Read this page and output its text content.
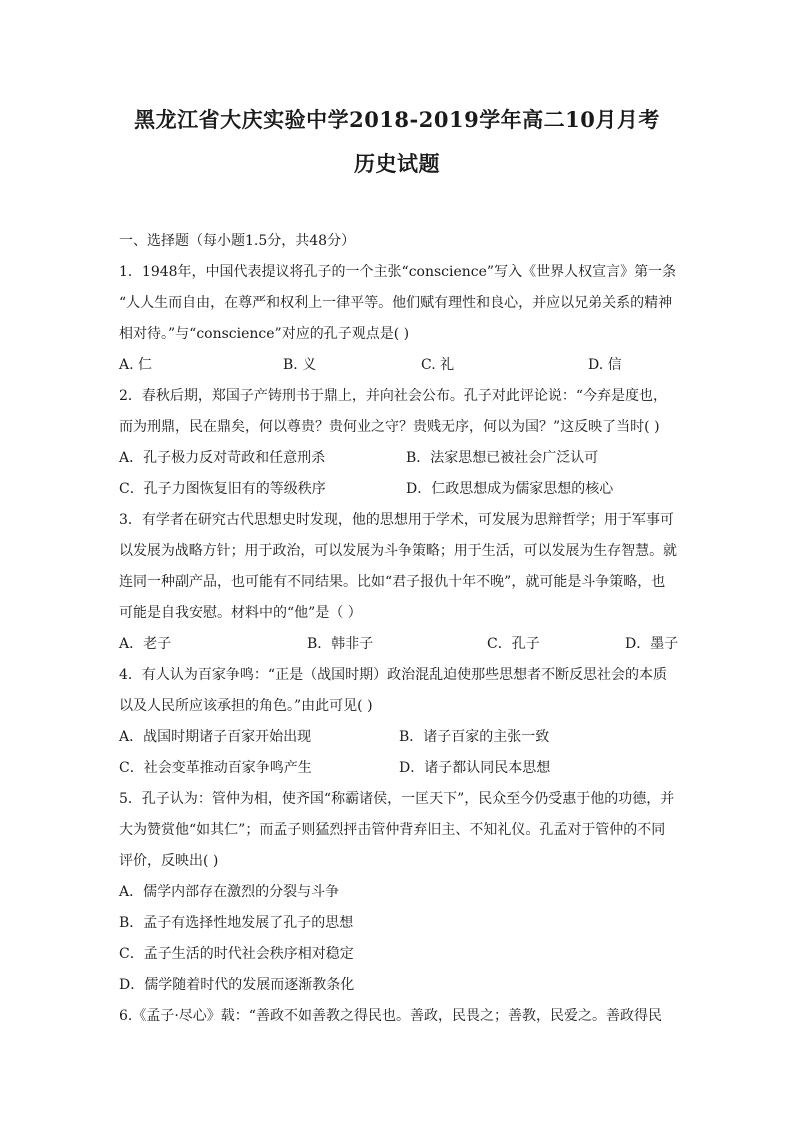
黑龙江省大庆实验中学2018-2019学年高二10月月考
历史试题
一、选择题（每小题1.5分，共48分）
1．1948年，中国代表提议将孔子的一个主张“conscience”写入《世界人权宣言》第一条
“人人生而自由，在尊严和权利上一律平等。他们赋有理性和良心，并应以兄弟关系的精神
相对待。”与“conscience”对应的孔子观点是( )
A. 仁	B. 义	C. 礼	D. 信
2．春秋后期，郑国子产铸刑书于鼎上，并向社会公布。孔子对此评论说：“今弃是度也，
而为刑鼎，民在鼎矣，何以尊贵？贵何业之守？贵贱无序，何以为国？”这反映了当时( )
A．孔子极力反对苛政和任意刑杀	B．法家思想已被社会广泛认可
C．孔子力图恢复旧有的等级秩序	D．仁政思想成为儒家思想的核心
3．有学者在研究古代思想史时发现，他的思想用于学术，可发展为思辩哲学；用于军事可
以发展为战略方针；用于政治，可以发展为斗争策略；用于生活，可以发展为生存智慧。就
连同一种副产品，也可能有不同结果。比如“君子报仇十年不晚”，就可能是斗争策略，也
可能是自我安慰。材料中的“他”是（ ）
A．老子	B．韩非子	C．孔子	D．墨子
4．有人认为百家争鸣：“正是（战国时期）政治混乱迫使那些思想者不断反思社会的本质
以及人民所应该承担的角色。”由此可见( )
A．战国时期诸子百家开始出现	B．诸子百家的主张一致
C．社会变革推动百家争鸣产生	D．诸子都认同民本思想
5．孔子认为：管仲为相，使齐国“称霸诸侯，一匡天下”，民众至今仍受惠于他的功德，并
大为赞赏他“如其仁”；而孟子则猛烈抨击管仲背弃旧主、不知礼仪。孔孟对于管仲的不同
评价，反映出( )
A．儒学内部存在激烈的分裂与斗争
B．孟子有选择性地发展了孔子的思想
C．孟子生活的时代社会秩序相对稳定
D．儒学随着时代的发展而逐渐教条化
6.《孟子·尽心》载：“善政不如善教之得民也。善政，民畏之；善教，民爱之。善政得民
